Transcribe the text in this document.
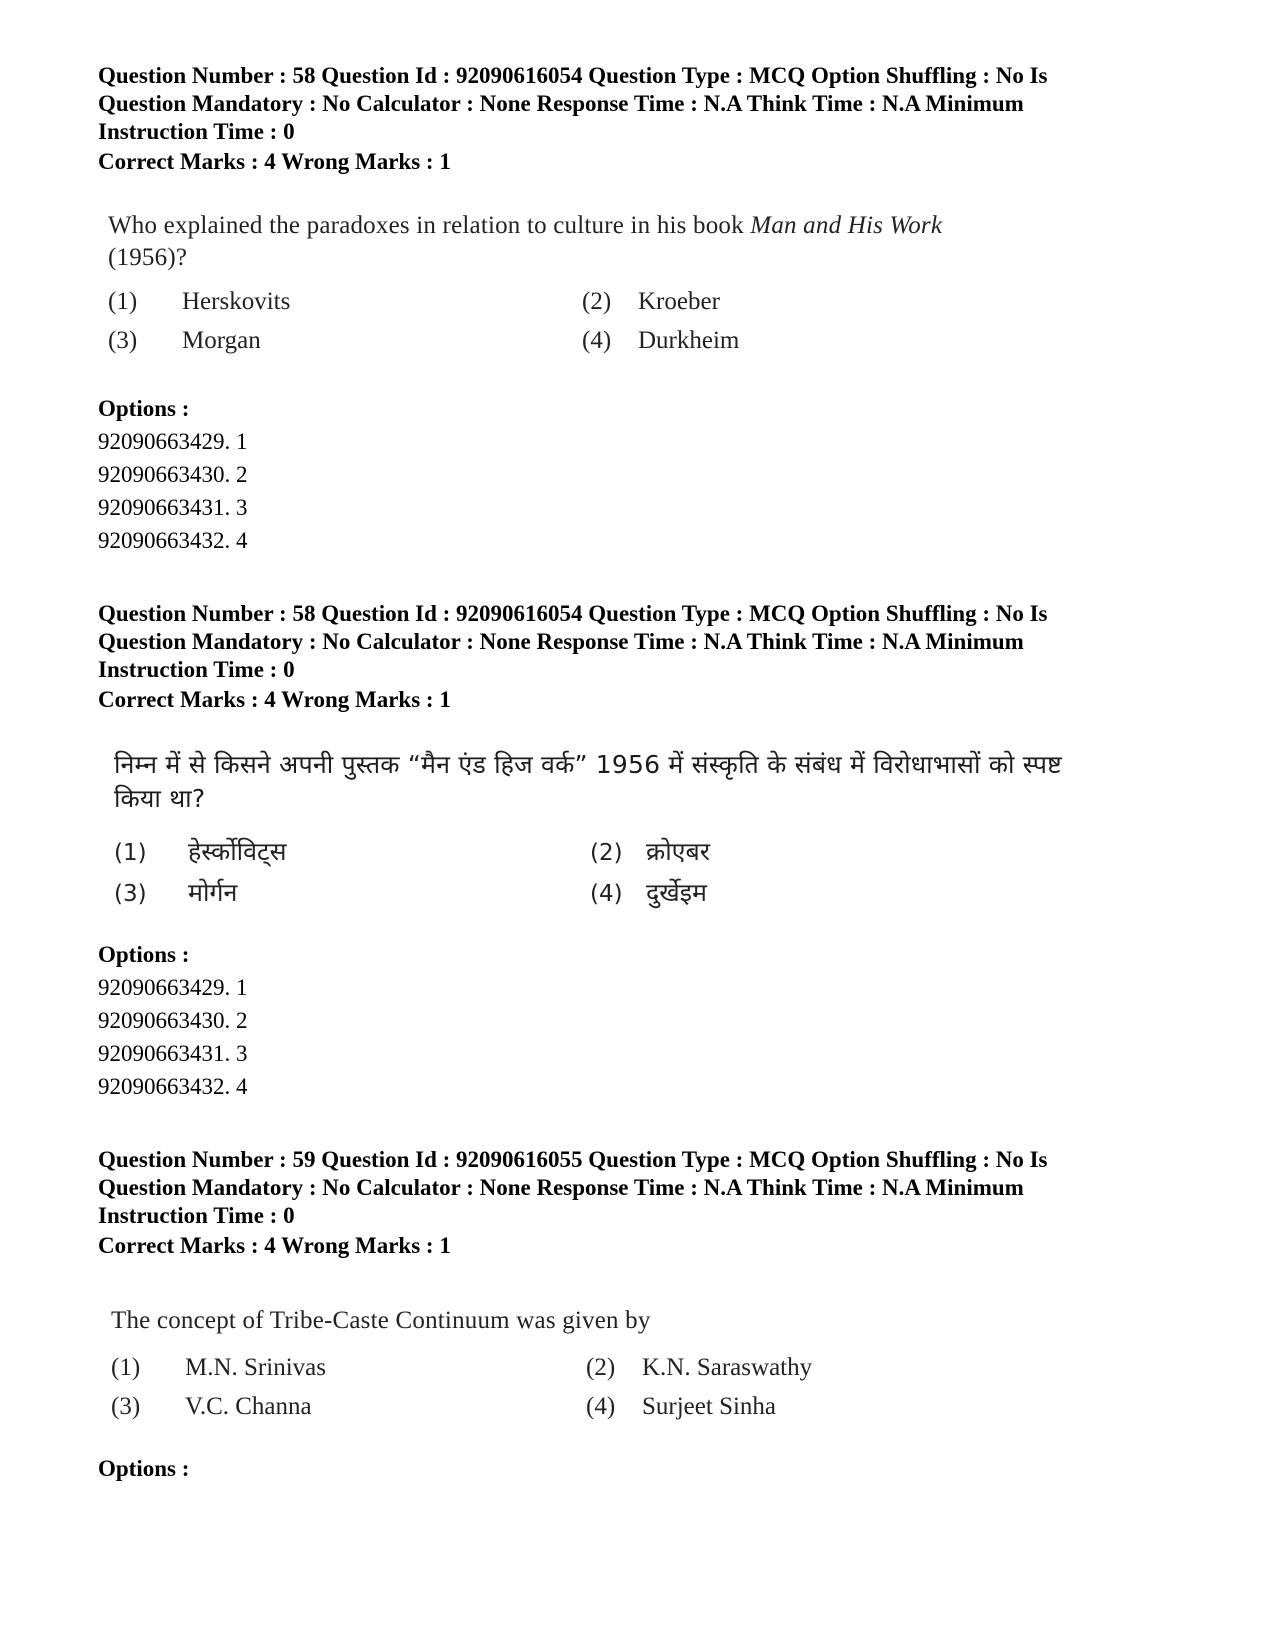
Question Number : 58 Question Id : 92090616054 Question Type : MCQ Option Shuffling : No Is
Question Mandatory : No Calculator : None Response Time : N.A Think Time : N.A Minimum
Instruction Time : 0
Correct Marks : 4 Wrong Marks : 1
Who explained the paradoxes in relation to culture in his book Man and His Work
(1956)?
(1) Herskovits	(2) Kroeber
(3) Morgan	(4) Durkheim
Options :
92090663429. 1
92090663430. 2
92090663431. 3
92090663432. 4
Question Number : 58 Question Id : 92090616054 Question Type : MCQ Option Shuffling : No Is
Question Mandatory : No Calculator : None Response Time : N.A Think Time : N.A Minimum
Instruction Time : 0
Correct Marks : 4 Wrong Marks : 1
निम्न में से किसने अपनी पुस्तक “मैन एंड हिज वर्क” 1956 में संस्कृति के संबंध में विरोधाभासों को स्पष्ट
किया था?
(1) हेर्स्कोविट्स	(2) क्रोएबर
(3) मोर्गन	(4) दुर्खेइम
Options :
92090663429. 1
92090663430. 2
92090663431. 3
92090663432. 4
Question Number : 59 Question Id : 92090616055 Question Type : MCQ Option Shuffling : No Is
Question Mandatory : No Calculator : None Response Time : N.A Think Time : N.A Minimum
Instruction Time : 0
Correct Marks : 4 Wrong Marks : 1
The concept of Tribe-Caste Continuum was given by
(1) M.N. Srinivas	(2) K.N. Saraswathy
(3) V.C. Channa	(4) Surjeet Sinha
Options :
